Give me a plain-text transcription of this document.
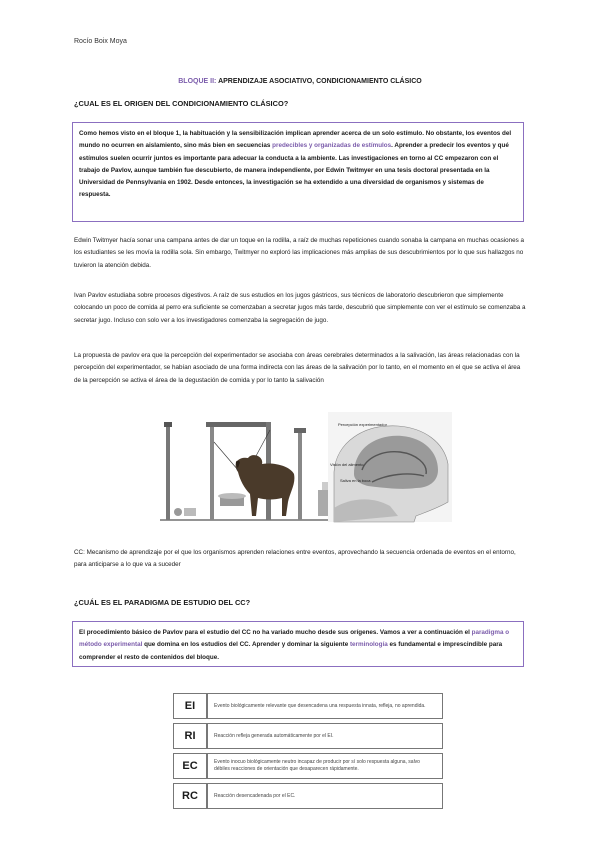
Rocío Boix Moya
BLOQUE II: APRENDIZAJE ASOCIATIVO, CONDICIONAMIENTO CLÁSICO
¿CUAL ES EL ORIGEN DEL CONDICIONAMIENTO CLÁSICO?
Como hemos visto en el bloque 1, la habituación y la sensibilización implican aprender acerca de un solo estímulo. No obstante, los eventos del mundo no ocurren en aislamiento, sino más bien en secuencias predecibles y organizadas de estímulos. Aprender a predecir los eventos y qué estímulos suelen ocurrir juntos es importante para adecuar la conducta a la ambiente. Las investigaciones en torno al CC empezaron con el trabajo de Pavlov, aunque también fue descubierto, de manera independiente, por Edwin Twitmyer en una tesis doctoral presentada en la Universidad de Pennsylvania en 1902. Desde entonces, la investigación se ha extendido a una diversidad de organismos y sistemas de respuesta.
Edwin Twitmyer hacía sonar una campana antes de dar un toque en la rodilla, a raíz de muchas repeticiones cuando sonaba la campana en muchas ocasiones a los estudiantes se les movía la rodilla sola. Sin embargo, Twitmyer no exploró las implicaciones más amplias de sus descubrimientos por lo que sus hallazgos no tuvieron la atención debida.
Ivan Pavlov estudiaba sobre procesos digestivos. A raíz de sus estudios en los jugos gástricos, sus técnicos de laboratorio descubrieron que simplemente colocando un poco de comida al perro era suficiente se comenzaban a secretar jugos más tarde, descubrió que simplemente con ver el estímulo se comenzaba a secretar jugo. Incluso con solo ver a los investigadores comenzaba la segregación de jugo.
La propuesta de pavlov era que la percepción del experimentador se asociaba con áreas cerebrales determinados a la salivación, las áreas relacionadas con la percepción del experimentador, se habían asociado de una forma indirecta con las áreas de la salivación por lo tanto, en el momento en el que se activa el área de la percepción se activa el área de la degustación de comida y por lo tanto la salivación
Percepción experimentador
Visión del alimento
Saliva en la boca
CC: Mecanismo de aprendizaje por el que los organismos aprenden relaciones entre eventos, aprovechando la secuencia ordenada de eventos en el entorno, para anticiparse a lo que va a suceder
¿CUÁL ES EL PARADIGMA DE ESTUDIO DEL CC?
El procedimiento básico de Pavlov para el estudio del CC no ha variado mucho desde sus orígenes. Vamos a ver a continuación el paradigma o método experimental que domina en los estudios del CC. Aprender y dominar la siguiente terminología es fundamental e imprescindible para comprender el resto de contenidos del bloque.
EI	Evento biológicamente relevante que desencadena una respuesta innata, refleja, no aprendida.
RI	Reacción refleja generada automáticamente por el EI.
EC	Evento inocuo biológicamente neutro incapaz de producir por sí solo respuesta alguna, salvo débiles reacciones de orientación que desaparecen rápidamente.
RC	Reacción desencadenada por el EC.
